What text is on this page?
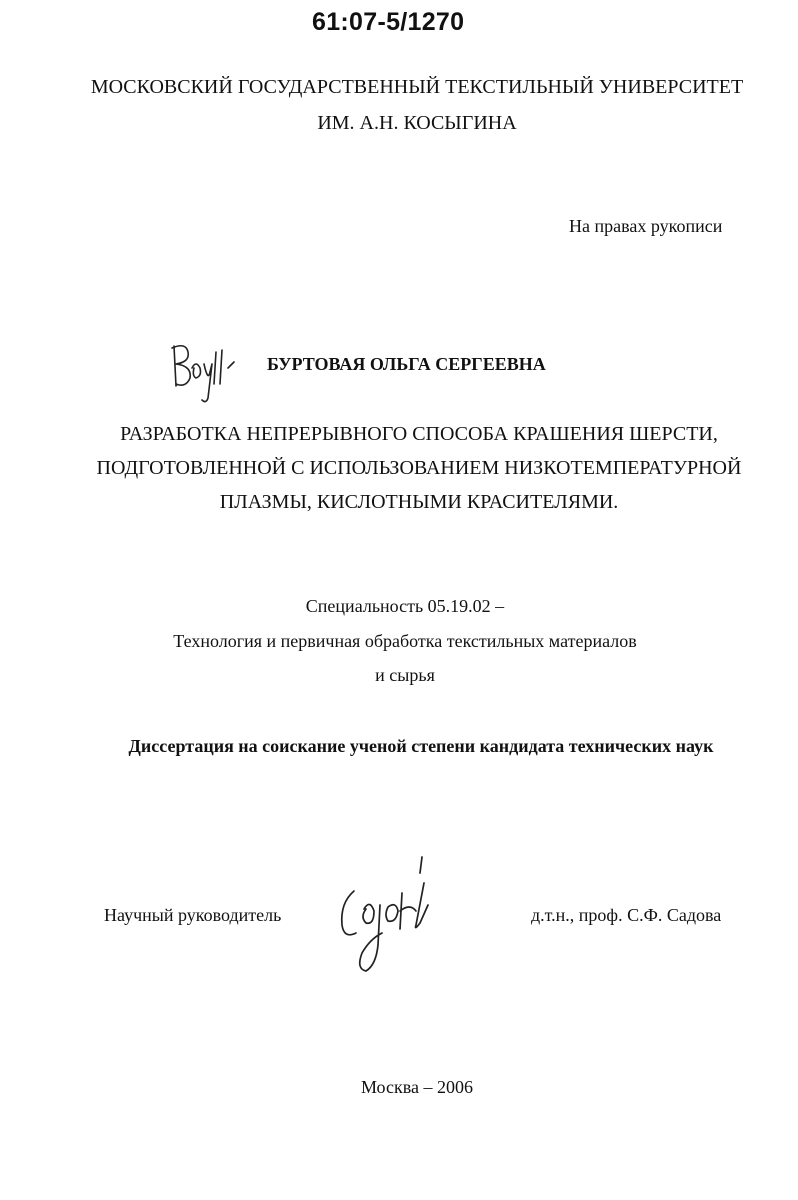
61:07-5/1270
МОСКОВСКИЙ ГОСУДАРСТВЕННЫЙ ТЕКСТИЛЬНЫЙ УНИВЕРСИТЕТ
ИМ. А.Н. КОСЫГИНА
На правах рукописи
БУРТОВАЯ ОЛЬГА СЕРГЕЕВНА
РАЗРАБОТКА НЕПРЕРЫВНОГО СПОСОБА КРАШЕНИЯ ШЕРСТИ,
ПОДГОТОВЛЕННОЙ С ИСПОЛЬЗОВАНИЕМ НИЗКОТЕМПЕРАТУРНОЙ
ПЛАЗМЫ, КИСЛОТНЫМИ КРАСИТЕЛЯМИ.
Специальность 05.19.02 –
Технология и первичная обработка текстильных материалов
и сырья
Диссертация на соискание ученой степени кандидата технических наук
Научный руководитель	д.т.н., проф. С.Ф. Садова
Москва – 2006
